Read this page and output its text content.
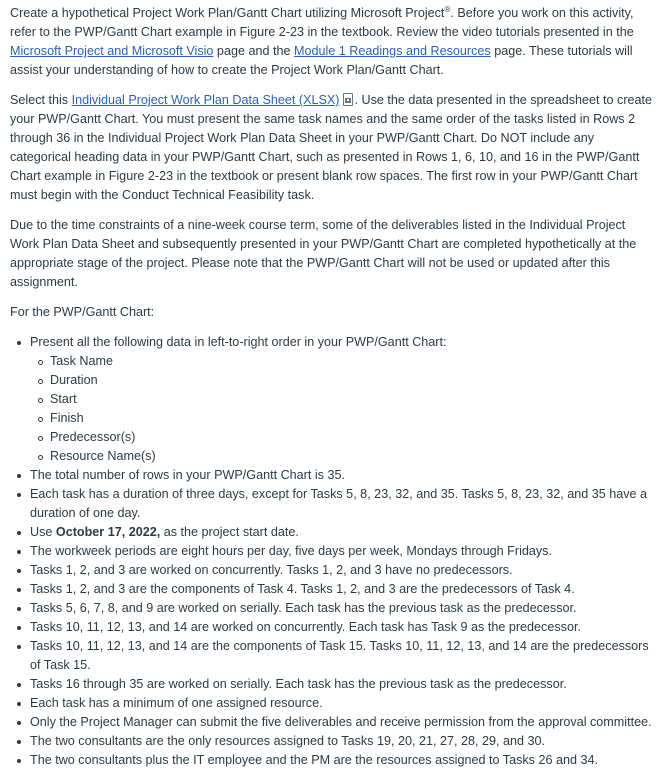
Create a hypothetical Project Work Plan/Gantt Chart utilizing Microsoft Project®. Before you work on this activity, refer to the PWP/Gantt Chart example in Figure 2-23 in the textbook. Review the video tutorials presented in the Microsoft Project and Microsoft Visio page and the Module 1 Readings and Resources page. These tutorials will assist your understanding of how to create the Project Work Plan/Gantt Chart.

Select this Individual Project Work Plan Data Sheet (XLSX) . Use the data presented in the spreadsheet to create your PWP/Gantt Chart. You must present the same task names and the same order of the tasks listed in Rows 2 through 36 in the Individual Project Work Plan Data Sheet in your PWP/Gantt Chart. Do NOT include any categorical heading data in your PWP/Gantt Chart, such as presented in Rows 1, 6, 10, and 16 in the PWP/Gantt Chart example in Figure 2-23 in the textbook or present blank row spaces. The first row in your PWP/Gantt Chart must begin with the Conduct Technical Feasibility task.

Due to the time constraints of a nine-week course term, some of the deliverables listed in the Individual Project Work Plan Data Sheet and subsequently presented in your PWP/Gantt Chart are completed hypothetically at the appropriate stage of the project. Please note that the PWP/Gantt Chart will not be used or updated after this assignment.

For the PWP/Gantt Chart:

Present all the following data in left-to-right order in your PWP/Gantt Chart:
Task Name
Duration
Start
Finish
Predecessor(s)
Resource Name(s)
The total number of rows in your PWP/Gantt Chart is 35.
Each task has a duration of three days, except for Tasks 5, 8, 23, 32, and 35. Tasks 5, 8, 23, 32, and 35 have a duration of one day.
Use October 17, 2022, as the project start date.
The workweek periods are eight hours per day, five days per week, Mondays through Fridays.
Tasks 1, 2, and 3 are worked on concurrently. Tasks 1, 2, and 3 have no predecessors.
Tasks 1, 2, and 3 are the components of Task 4. Tasks 1, 2, and 3 are the predecessors of Task 4.
Tasks 5, 6, 7, 8, and 9 are worked on serially. Each task has the previous task as the predecessor.
Tasks 10, 11, 12, 13, and 14 are worked on concurrently. Each task has Task 9 as the predecessor.
Tasks 10, 11, 12, 13, and 14 are the components of Task 15. Tasks 10, 11, 12, 13, and 14 are the predecessors of Task 15.
Tasks 16 through 35 are worked on serially. Each task has the previous task as the predecessor.
Each task has a minimum of one assigned resource.
Only the Project Manager can submit the five deliverables and receive permission from the approval committee.
The two consultants are the only resources assigned to Tasks 19, 20, 21, 27, 28, 29, and 30.
The two consultants plus the IT employee and the PM are the resources assigned to Tasks 26 and 34.
